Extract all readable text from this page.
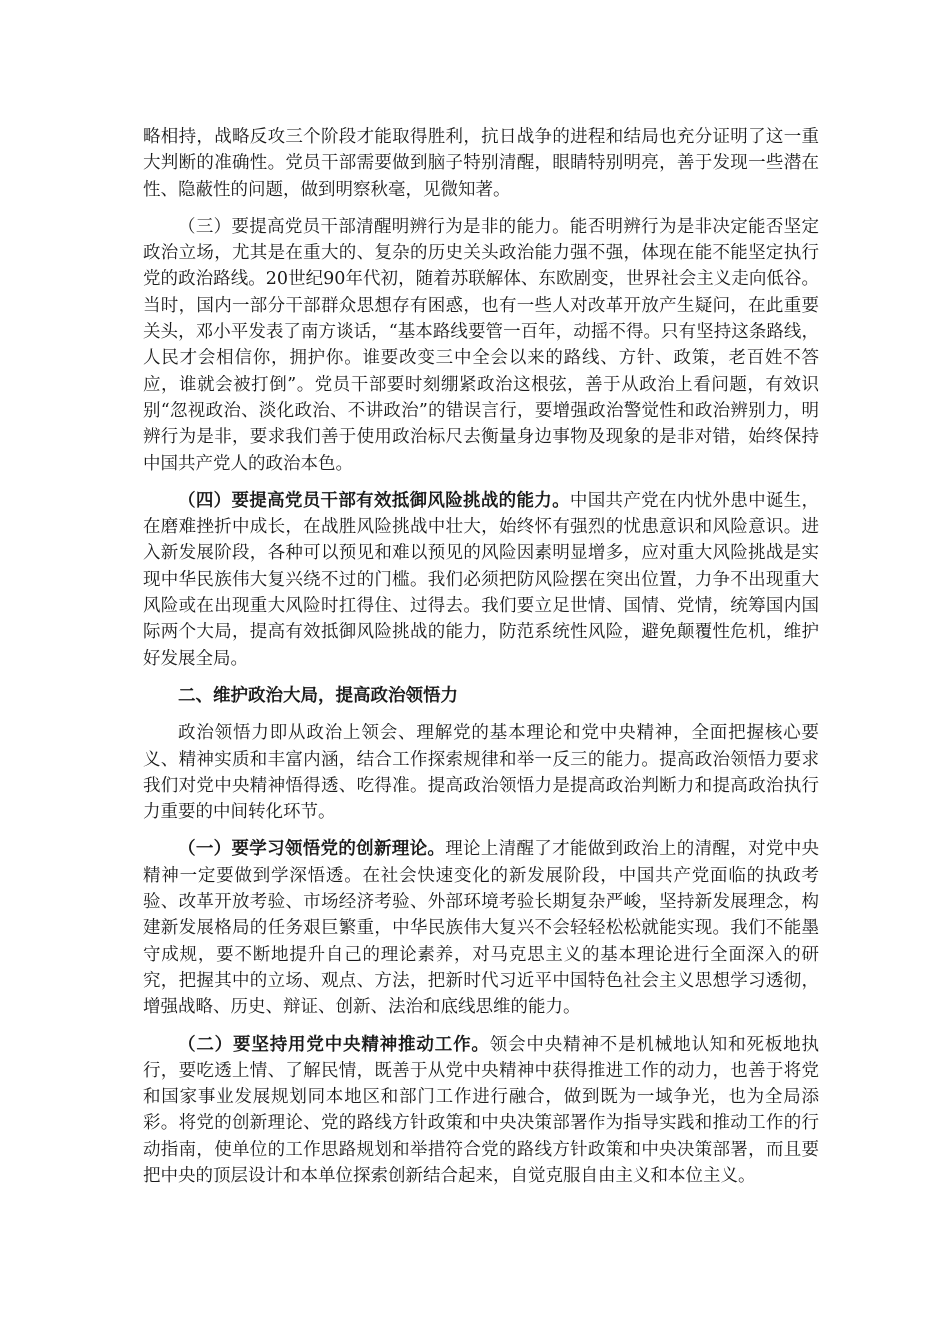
略相持，战略反攻三个阶段才能取得胜利，抗日战争的进程和结局也充分证明了这一重大判断的准确性。党员干部需要做到脑子特别清醒，眼睛特别明亮，善于发现一些潜在性、隐蔽性的问题，做到明察秋毫，见微知著。

（三）要提高党员干部清醒明辨行为是非的能力。能否明辨行为是非决定能否坚定政治立场，尤其是在重大的、复杂的历史关头政治能力强不强，体现在能不能坚定执行党的政治路线。20世纪90年代初，随着苏联解体、东欧剧变，世界社会主义走向低谷。当时，国内一部分干部群众思想存有困惑，也有一些人对改革开放产生疑问，在此重要关头，邓小平发表了南方谈话，“基本路线要管一百年，动摇不得。只有坚持这条路线，人民才会相信你，拥护你。谁要改变三中全会以来的路线、方针、政策，老百姓不答应，谁就会被打倒”。党员干部要时刻绷紧政治这根弦，善于从政治上看问题，有效识别“忽视政治、淡化政治、不讲政治”的错误言行，要增强政治警觉性和政治辨别力，明辨行为是非，要求我们善于使用政治标尺去衡量身边事物及现象的是非对错，始终保持中国共产党人的政治本色。

（四）要提高党员干部有效抵御风险挑战的能力。中国共产党在内忧外患中诞生，在磨难挫折中成长，在战胜风险挑战中壮大，始终怀有强烈的忧患意识和风险意识。进入新发展阶段，各种可以预见和难以预见的风险因素明显增多，应对重大风险挑战是实现中华民族伟大复兴绕不过的门槛。我们必须把防风险摆在突出位置，力争不出现重大风险或在出现重大风险时扛得住、过得去。我们要立足世情、国情、党情，统筹国内国际两个大局，提高有效抵御风险挑战的能力，防范系统性风险，避免颠覆性危机，维护好发展全局。

二、维护政治大局，提高政治领悟力

政治领悟力即从政治上领会、理解党的基本理论和党中央精神，全面把握核心要义、精神实质和丰富内涵，结合工作探索规律和举一反三的能力。提高政治领悟力要求我们对党中央精神悟得透、吃得准。提高政治领悟力是提高政治判断力和提高政治执行力重要的中间转化环节。

（一）要学习领悟党的创新理论。理论上清醒了才能做到政治上的清醒，对党中央精神一定要做到学深悟透。在社会快速变化的新发展阶段，中国共产党面临的执政考验、改革开放考验、市场经济考验、外部环境考验长期复杂严峻，坚持新发展理念，构建新发展格局的任务艰巨繁重，中华民族伟大复兴不会轻轻松松就能实现。我们不能墨守成规，要不断地提升自己的理论素养，对马克思主义的基本理论进行全面深入的研究，把握其中的立场、观点、方法，把新时代习近平中国特色社会主义思想学习透彻，增强战略、历史、辩证、创新、法治和底线思维的能力。

（二）要坚持用党中央精神推动工作。领会中央精神不是机械地认知和死板地执行，要吃透上情、了解民情，既善于从党中央精神中获得推进工作的动力，也善于将党和国家事业发展规划同本地区和部门工作进行融合，做到既为一域争光，也为全局添彩。将党的创新理论、党的路线方针政策和中央决策部署作为指导实践和推动工作的行动指南，使单位的工作思路规划和举措符合党的路线方针政策和中央决策部署，而且要把中央的顶层设计和本单位探索创新结合起来，自觉克服自由主义和本位主义。
